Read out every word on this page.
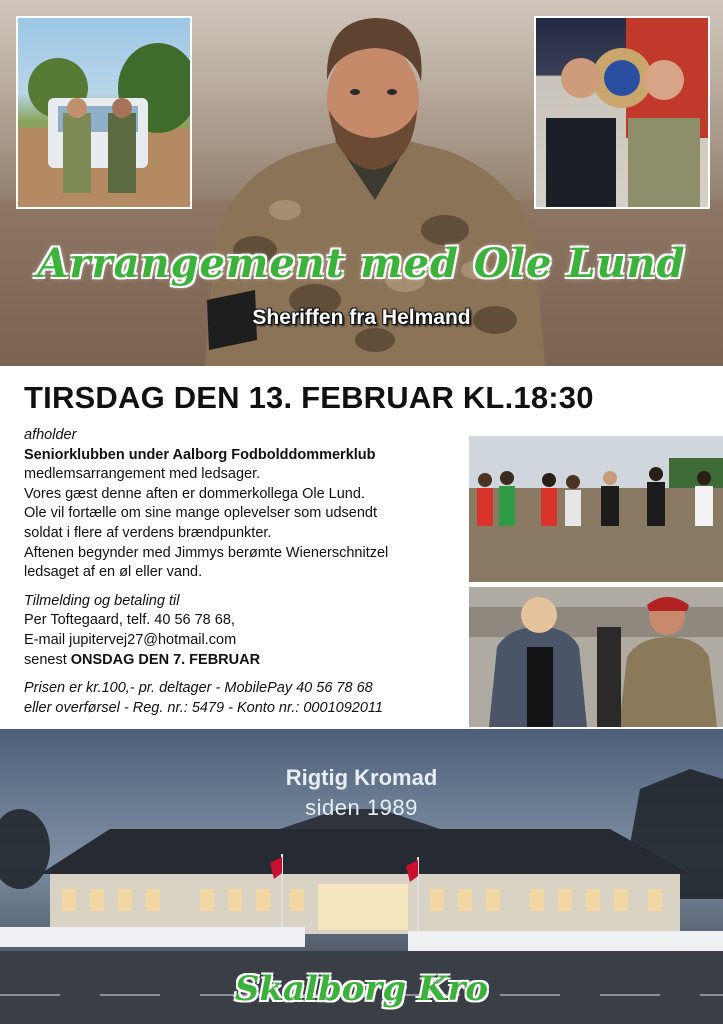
Arrangement med Ole Lund
Sheriffen fra Helmand
TIRSDAG DEN 13. FEBRUAR KL.18:30
afholder
Seniorklubben under Aalborg Fodbolddommerklub
medlemsarrangement med ledsager.
Vores gæst denne aften er dommerkollega Ole Lund.
Ole vil fortælle om sine mange oplevelser som udsendt
soldat i flere af verdens brændpunkter.
Aftenen begynder med Jimmys berømte Wienerschnitzel
ledsaget af en øl eller vand.
Tilmelding og betaling til
Per Toftegaard, telf. 40 56 78 68,
E-mail jupitervej27@hotmail.com
senest ONSDAG DEN 7. FEBRUAR
Prisen er kr.100,- pr. deltager - MobilePay 40 56 78 68
eller overførsel - Reg. nr.: 5479 - Konto nr.: 0001092011
Rigtig Kromad
siden 1989
Skalborg Kro
